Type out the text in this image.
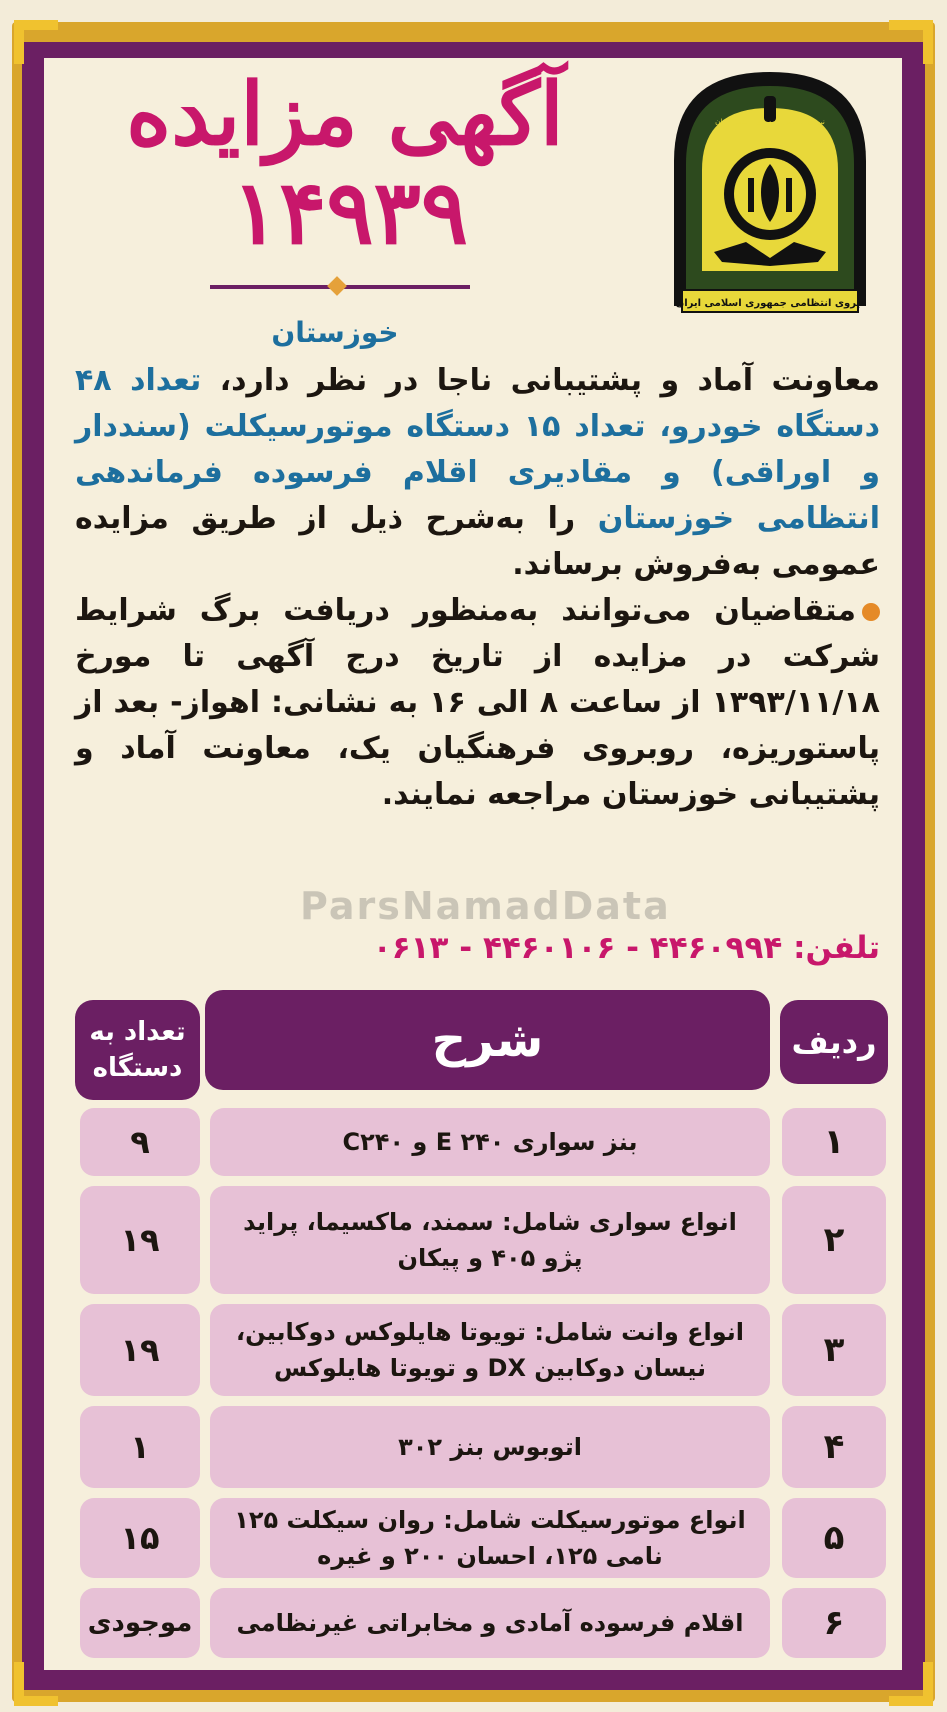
آگهی مزایده
۱۴۹۳۹
خوزستان
نیروی انتظامی جمهوری اسلامی ایران
نیروی انتظامی جمهوری اسلامی ایران

معاونت آماد و پشتیبانی ناجا در نظر دارد، تعداد ۴۸ دستگاه خودرو، تعداد ۱۵ دستگاه موتورسیکلت (سنددار و اوراقی) و مقادیری اقلام فرسوده فرماندهی انتظامی خوزستان را به‌شرح ذیل از طریق مزایده عمومی به‌فروش برساند.

متقاضیان می‌توانند به‌منظور دریافت برگ شرایط شرکت در مزایده از تاریخ درج آگهی تا مورخ ۱۳۹۳/۱۱/۱۸ از ساعت ۸ الی ۱۶ به نشانی: اهواز- بعد از پاستوریزه، روبروی فرهنگیان یک، معاونت آماد و پشتیبانی خوزستان مراجعه نمایند.

ParsNamadData
تلفن: ۴۴۶۰۹۹۴ - ۴۴۶۰۱۰۶ - ۰۶۱۳
ردیف
شرح
تعداد به دستگاه
۱
بنز سواری E ۲۴۰ و C۲۴۰
۹
۲
انواع سواری شامل: سمند، ماکسیما، پراید پژو ۴۰۵ و پیکان
۱۹
۳
انواع وانت شامل: تویوتا هایلوکس دوکابین، نیسان دوکابین DX و تویوتا هایلوکس
۱۹
۴
اتوبوس بنز ۳۰۲
۱
۵
انواع موتورسیکلت شامل: روان سیکلت ۱۲۵ نامی ۱۲۵، احسان ۲۰۰ و غیره
۱۵
۶
اقلام فرسوده آمادی و مخابراتی غیرنظامی
موجودی
